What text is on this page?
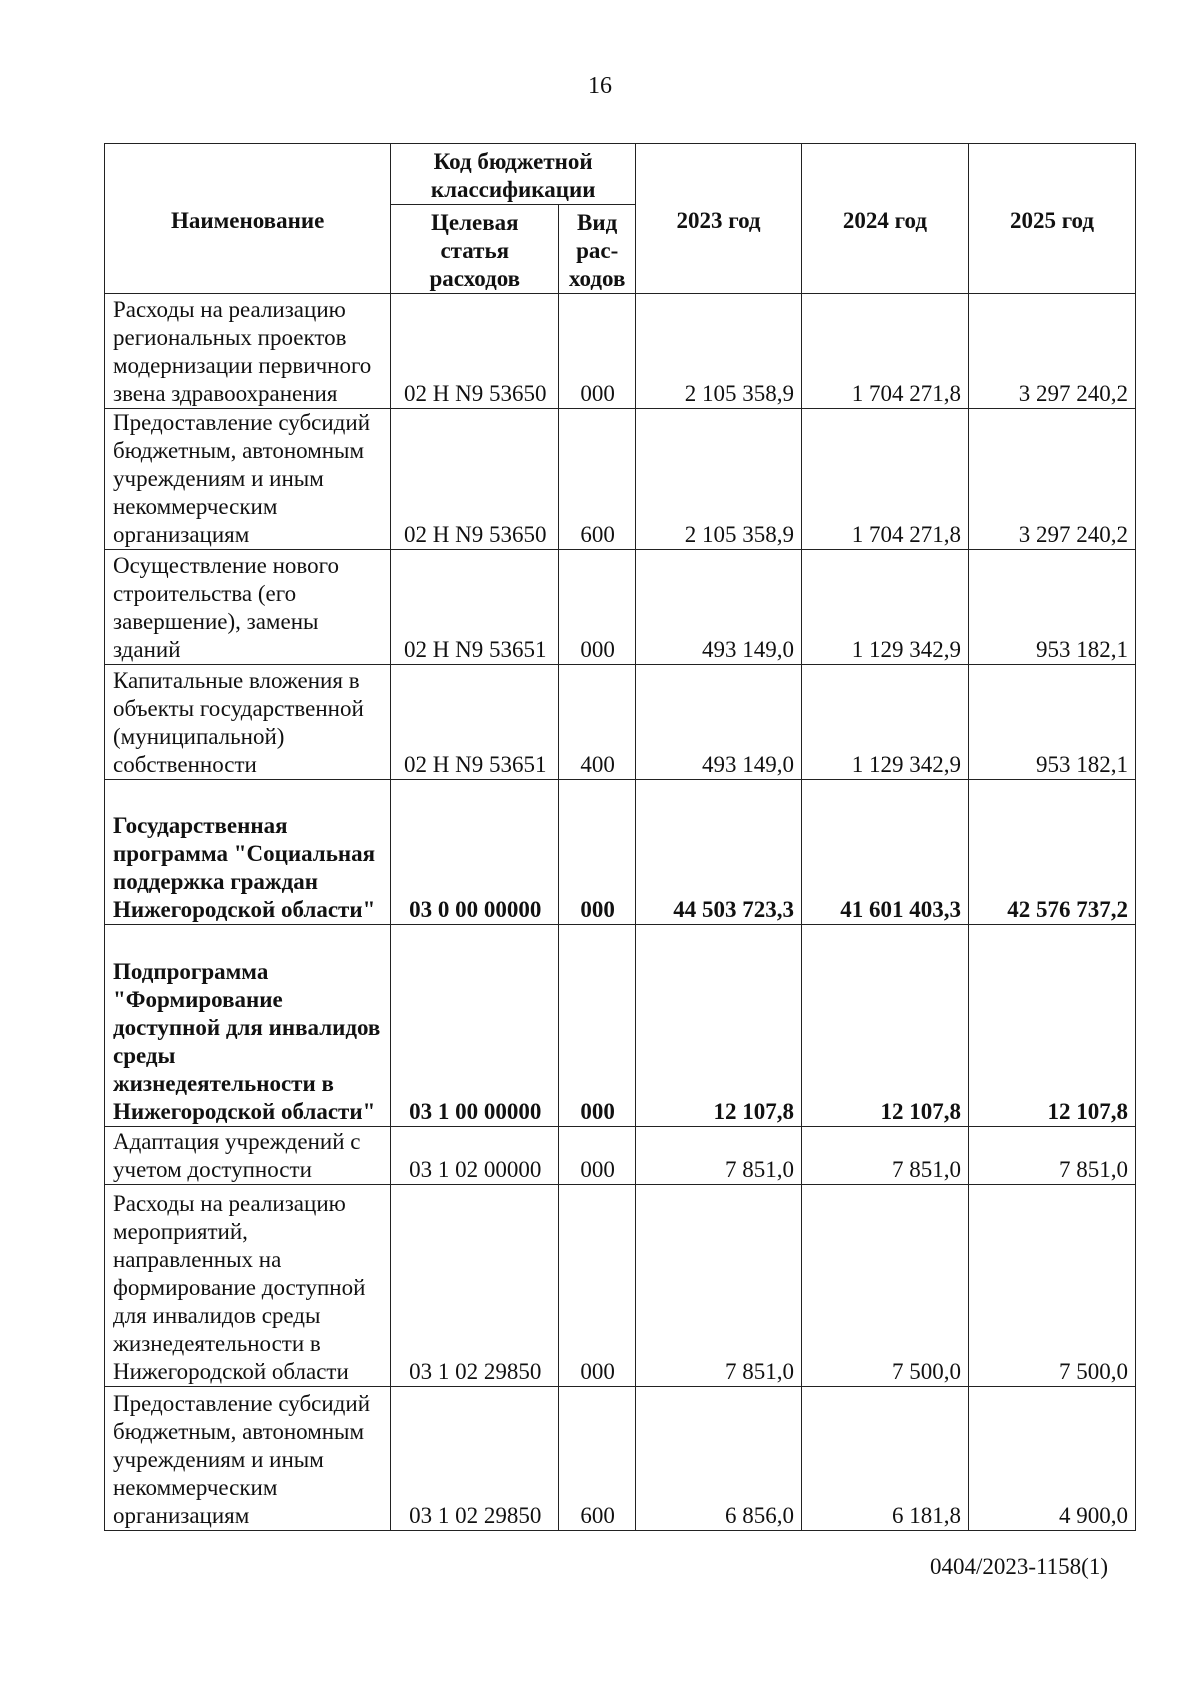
16
Наименование	Код бюджетной классификации		2023 год	2024 год	2025 год
	Целевая статья расходов	Вид рас-ходов			
Расходы на реализацию региональных проектов модернизации первичного звена здравоохранения	02 Н N9 53650	000	2 105 358,9	1 704 271,8	3 297 240,2
Предоставление субсидий бюджетным, автономным учреждениям и иным некоммерческим организациям	02 Н N9 53650	600	2 105 358,9	1 704 271,8	3 297 240,2
Осуществление нового строительства (его завершение), замены зданий	02 Н N9 53651	000	493 149,0	1 129 342,9	953 182,1
Капитальные вложения в объекты государственной (муниципальной) собственности	02 Н N9 53651	400	493 149,0	1 129 342,9	953 182,1
Государственная программа "Социальная поддержка граждан Нижегородской области"	03 0 00 00000	000	44 503 723,3	41 601 403,3	42 576 737,2
Подпрограмма "Формирование доступной для инвалидов среды жизнедеятельности в Нижегородской области"	03 1 00 00000	000	12 107,8	12 107,8	12 107,8
Адаптация учреждений с учетом доступности	03 1 02 00000	000	7 851,0	7 851,0	7 851,0
Расходы на реализацию мероприятий, направленных на формирование доступной для инвалидов среды жизнедеятельности в Нижегородской области	03 1 02 29850	000	7 851,0	7 500,0	7 500,0
Предоставление субсидий бюджетным, автономным учреждениям и иным некоммерческим организациям	03 1 02 29850	600	6 856,0	6 181,8	4 900,0
0404/2023-1158(1)
